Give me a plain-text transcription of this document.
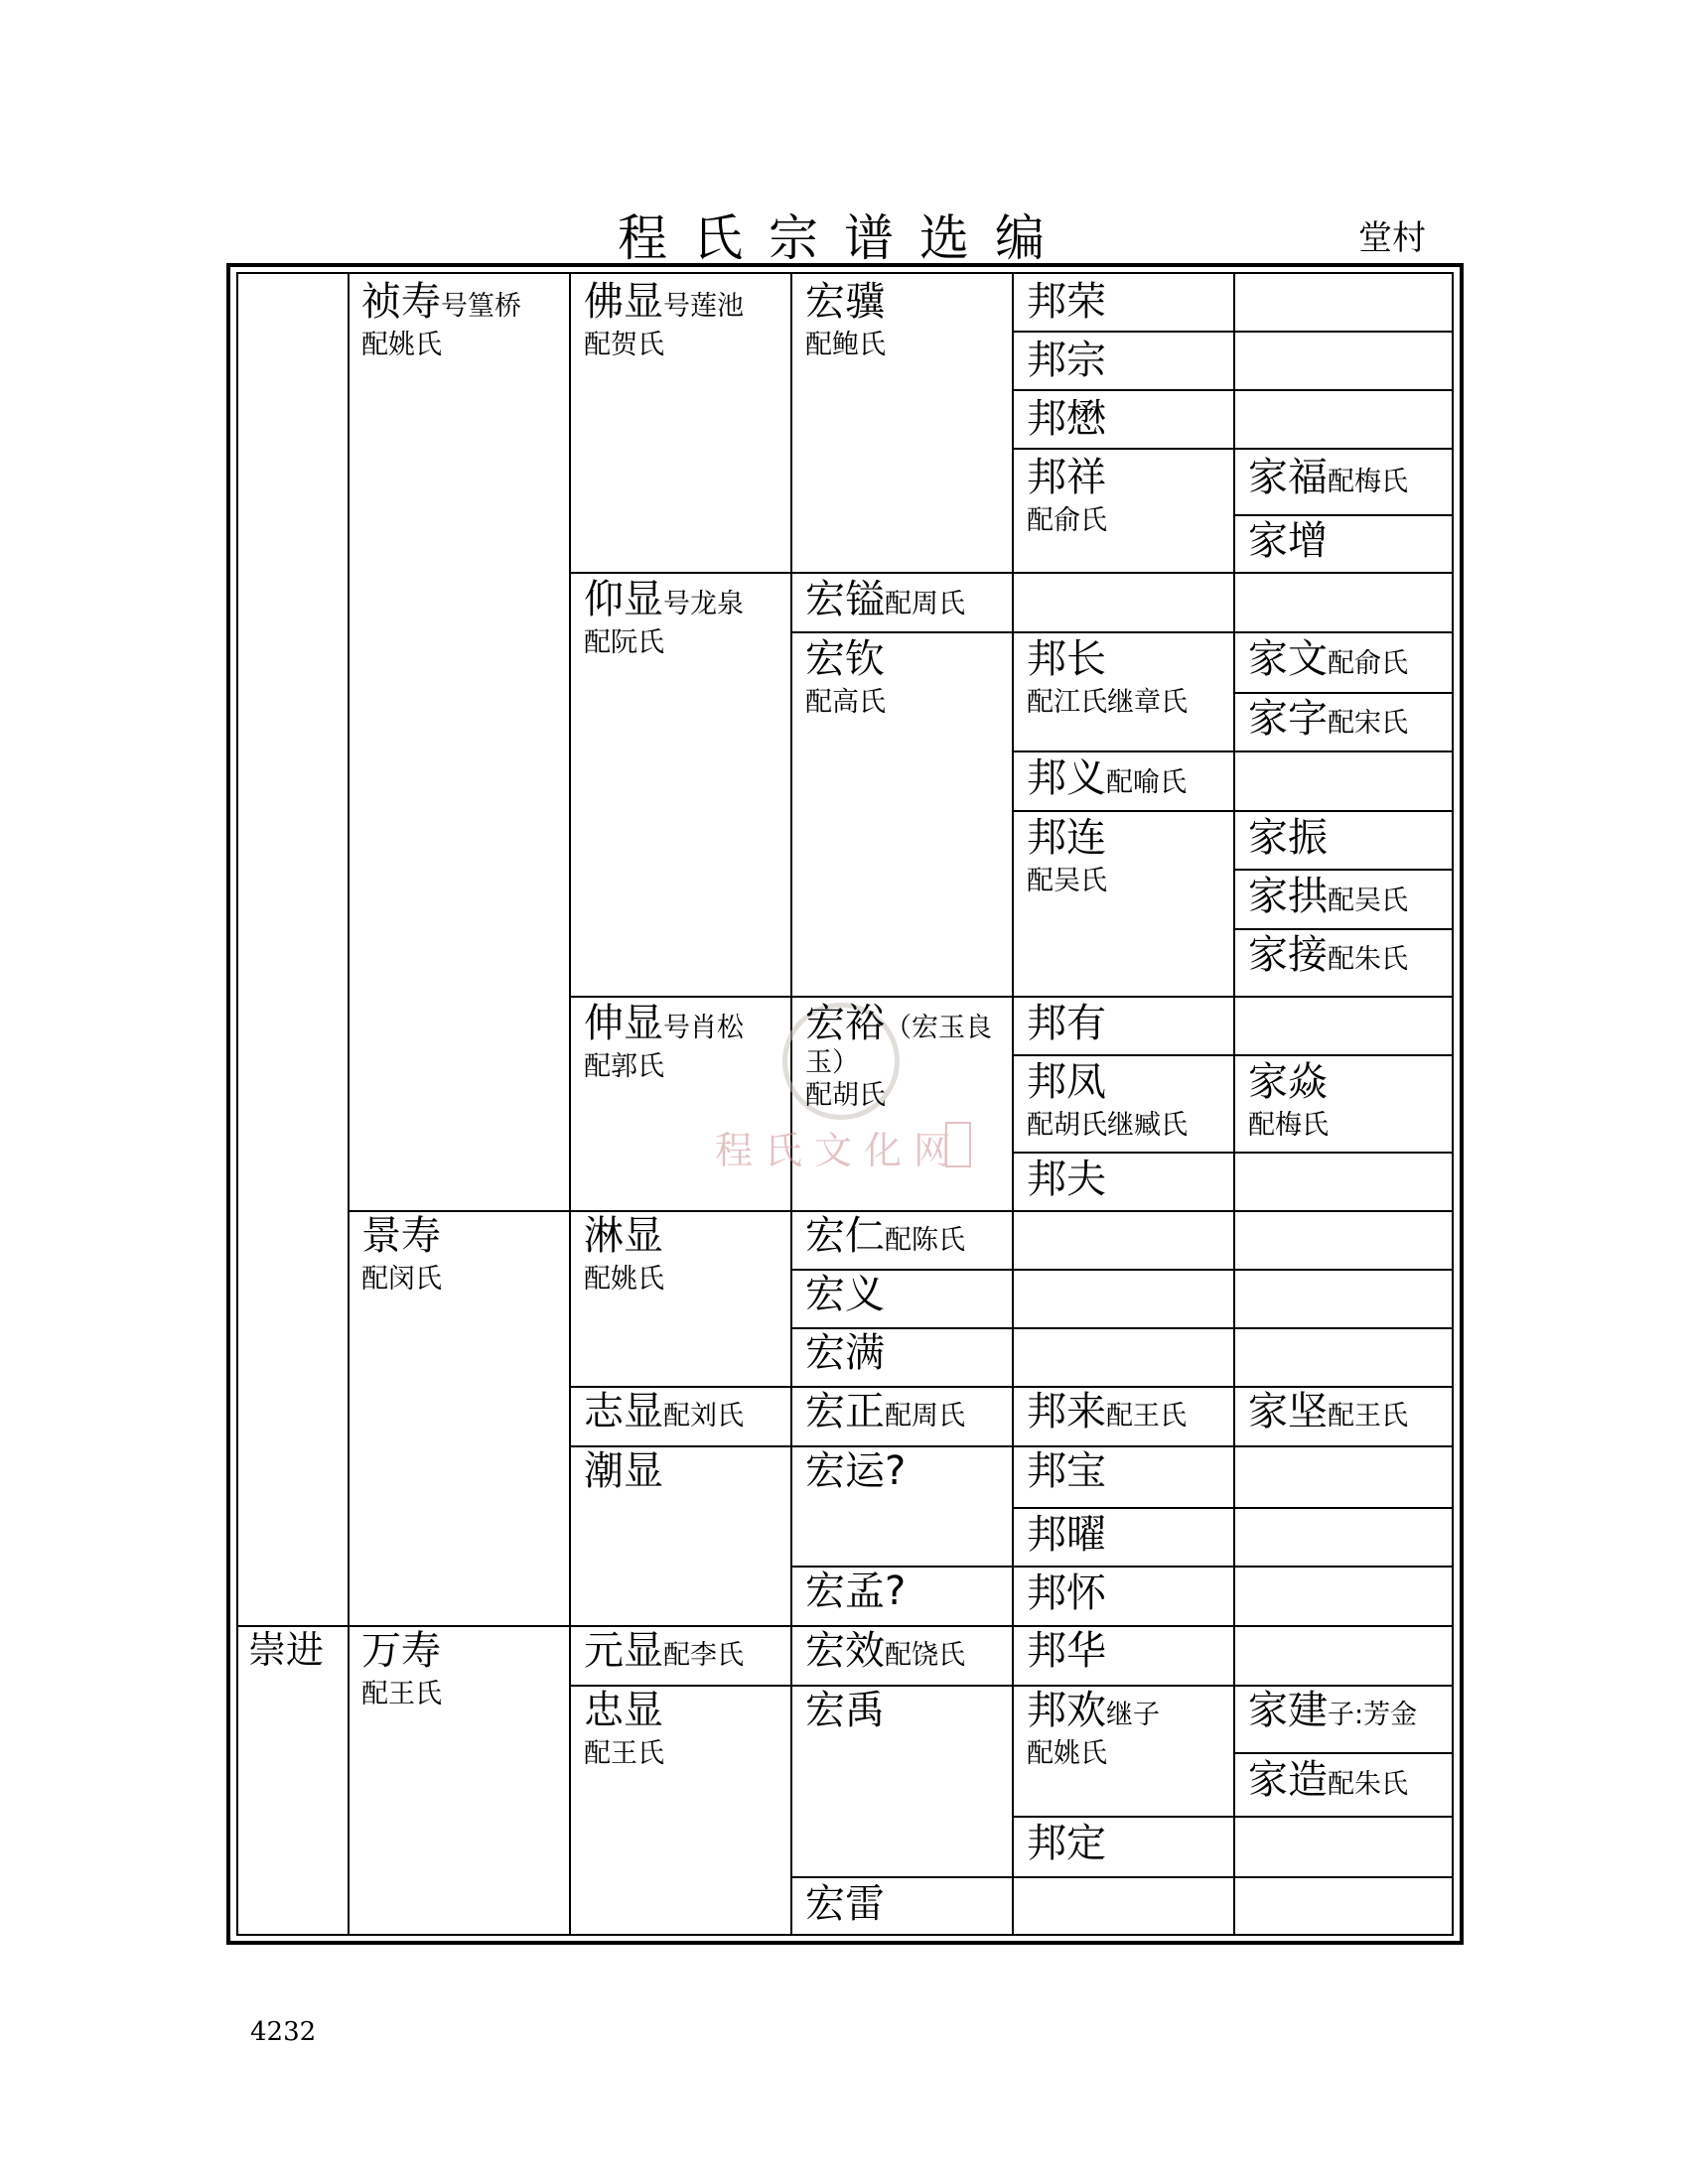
程氏宗谱选编	堂村
程氏文化网
崇进
祯寿号篁桥
配姚氏
景寿
配闵氏
万寿
配王氏
佛显号莲池
配贺氏
仰显号龙泉
配阮氏
伸显号肖松
配郭氏
淋显
配姚氏
志显配刘氏
潮显
元显配李氏
忠显
配王氏
宏骥
配鲍氏
宏镒配周氏
宏钦
配高氏
宏裕（宏玉良
玉）
配胡氏
宏仁配陈氏
宏义
宏满
宏正配周氏
宏运?
宏孟?
宏效配饶氏
宏禹
宏雷
邦荣
邦宗
邦懋
邦祥
配俞氏
邦长
配江氏继章氏
邦义配喻氏
邦连
配吴氏
邦有
邦凤
配胡氏继臧氏
邦夫
邦来配王氏
邦宝
邦曜
邦怀
邦华
邦欢继子
配姚氏
邦定
家福配梅氏
家增
家文配俞氏
家字配宋氏
家振
家拱配吴氏
家接配朱氏
家焱
配梅氏
家坚配王氏
家建子:芳金
家造配朱氏
4232
